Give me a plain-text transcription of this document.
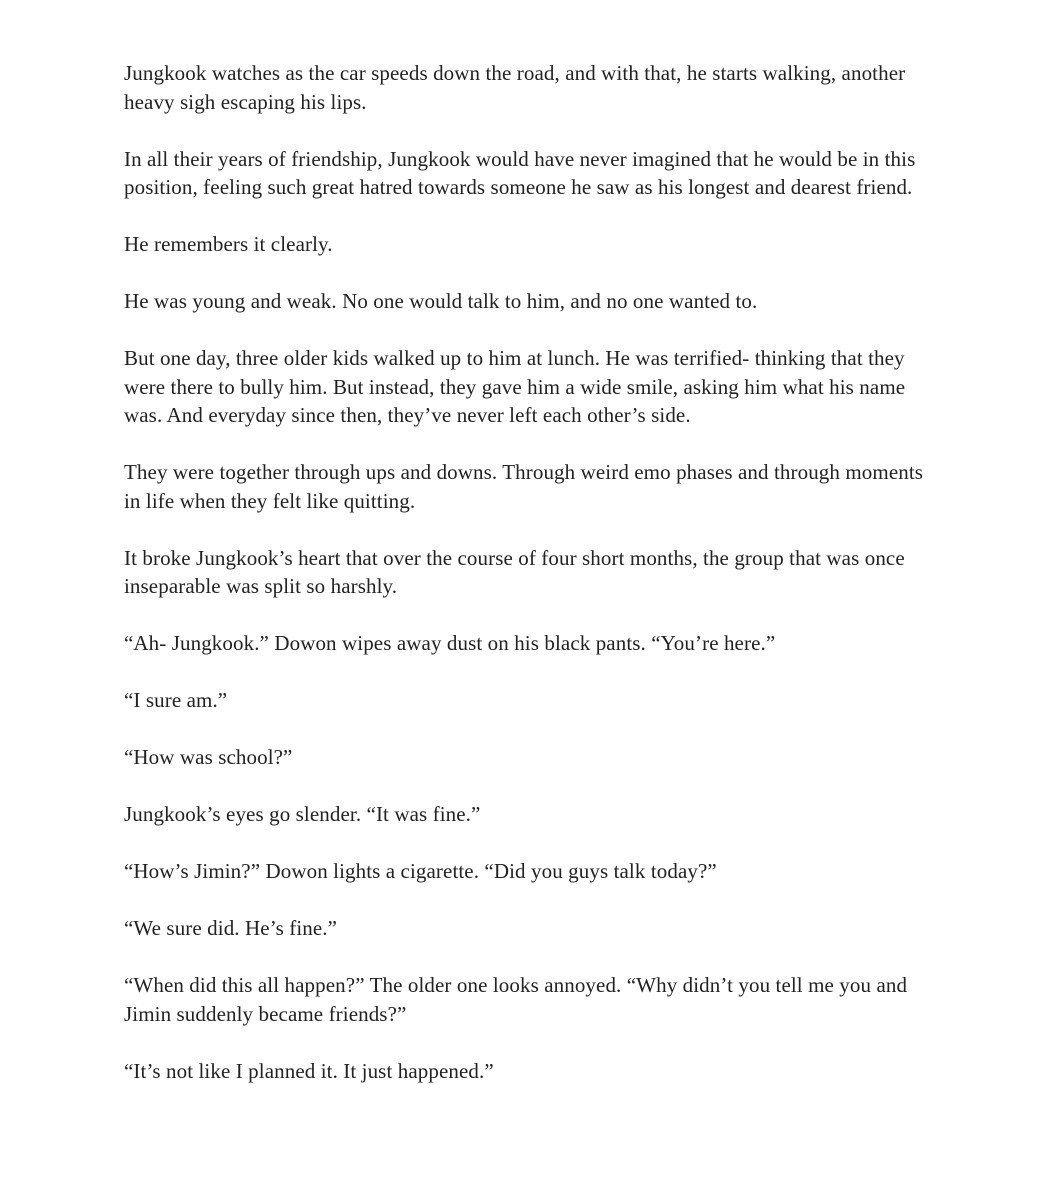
Jungkook watches as the car speeds down the road, and with that, he starts walking, another heavy sigh escaping his lips.

In all their years of friendship, Jungkook would have never imagined that he would be in this position, feeling such great hatred towards someone he saw as his longest and dearest friend.

He remembers it clearly.

He was young and weak. No one would talk to him, and no one wanted to.

But one day, three older kids walked up to him at lunch. He was terrified- thinking that they were there to bully him. But instead, they gave him a wide smile, asking him what his name was. And everyday since then, they’ve never left each other’s side.

They were together through ups and downs. Through weird emo phases and through moments in life when they felt like quitting.

It broke Jungkook’s heart that over the course of four short months, the group that was once inseparable was split so harshly.

“Ah- Jungkook.” Dowon wipes away dust on his black pants. “You’re here.”

“I sure am.”

“How was school?”

Jungkook’s eyes go slender. “It was fine.”

“How’s Jimin?” Dowon lights a cigarette. “Did you guys talk today?”

“We sure did. He’s fine.”

“When did this all happen?” The older one looks annoyed. “Why didn’t you tell me you and Jimin suddenly became friends?”

“It’s not like I planned it. It just happened.”
